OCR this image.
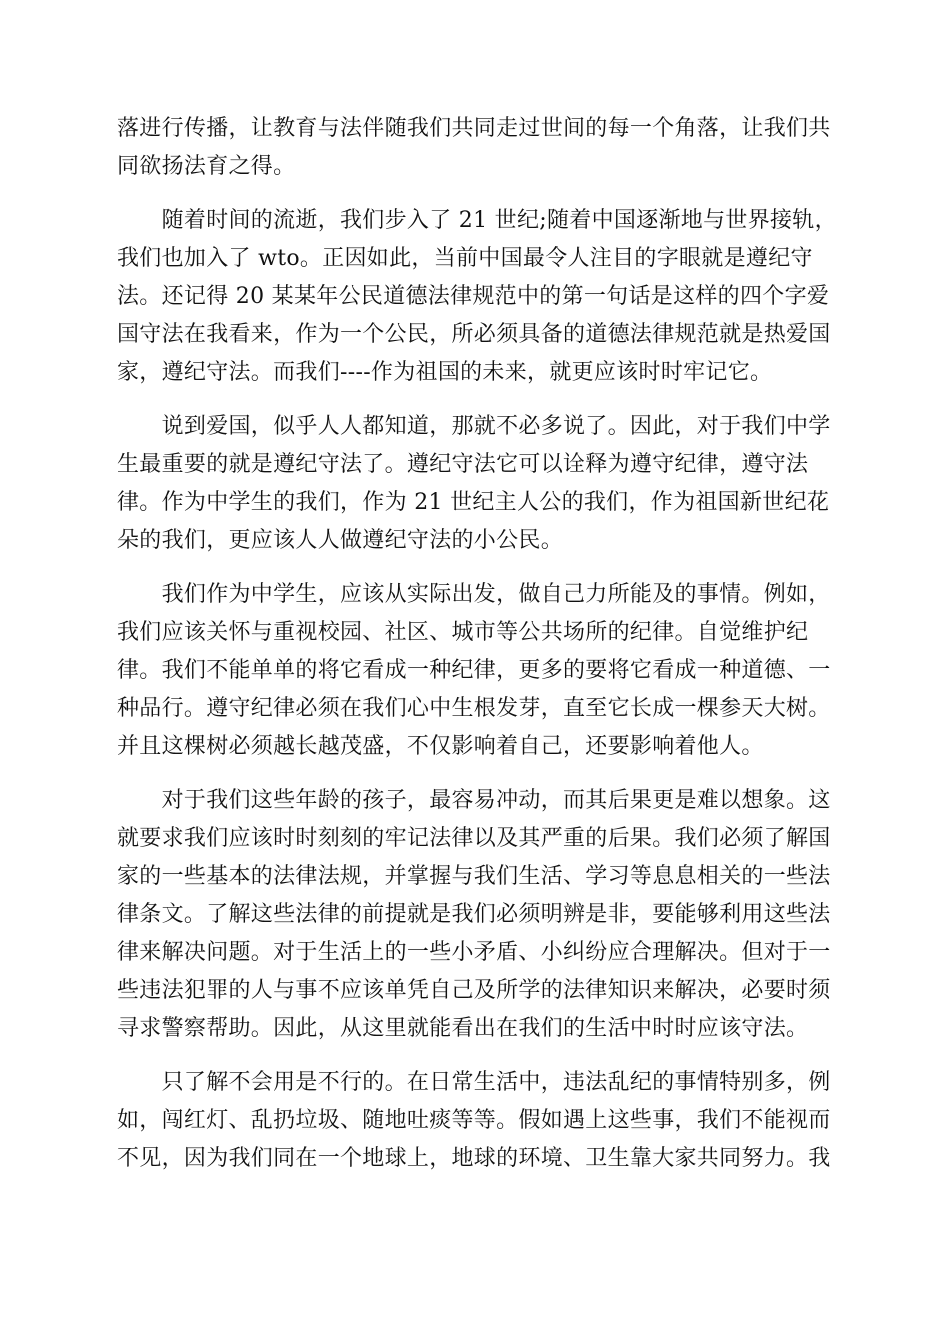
落进行传播，让教育与法伴随我们共同走过世间的每一个角落，让我们共
同欲扬法育之得。
　　随着时间的流逝，我们步入了 21 世纪;随着中国逐渐地与世界接轨，
我们也加入了 wto。正因如此，当前中国最令人注目的字眼就是遵纪守
法。还记得 20 某某年公民道德法律规范中的第一句话是这样的四个字爱
国守法在我看来，作为一个公民，所必须具备的道德法律规范就是热爱国
家，遵纪守法。而我们----作为祖国的未来，就更应该时时牢记它。
　　说到爱国，似乎人人都知道，那就不必多说了。因此，对于我们中学
生最重要的就是遵纪守法了。遵纪守法它可以诠释为遵守纪律，遵守法
律。作为中学生的我们，作为 21 世纪主人公的我们，作为祖国新世纪花
朵的我们，更应该人人做遵纪守法的小公民。
　　我们作为中学生，应该从实际出发，做自己力所能及的事情。例如，
我们应该关怀与重视校园、社区、城市等公共场所的纪律。自觉维护纪
律。我们不能单单的将它看成一种纪律，更多的要将它看成一种道德、一
种品行。遵守纪律必须在我们心中生根发芽，直至它长成一棵参天大树。
并且这棵树必须越长越茂盛，不仅影响着自己，还要影响着他人。
　　对于我们这些年龄的孩子，最容易冲动，而其后果更是难以想象。这
就要求我们应该时时刻刻的牢记法律以及其严重的后果。我们必须了解国
家的一些基本的法律法规，并掌握与我们生活、学习等息息相关的一些法
律条文。了解这些法律的前提就是我们必须明辨是非，要能够利用这些法
律来解决问题。对于生活上的一些小矛盾、小纠纷应合理解决。但对于一
些违法犯罪的人与事不应该单凭自己及所学的法律知识来解决，必要时须
寻求警察帮助。因此，从这里就能看出在我们的生活中时时应该守法。
　　只了解不会用是不行的。在日常生活中，违法乱纪的事情特别多，例
如，闯红灯、乱扔垃圾、随地吐痰等等。假如遇上这些事，我们不能视而
不见，因为我们同在一个地球上，地球的环境、卫生靠大家共同努力。我
